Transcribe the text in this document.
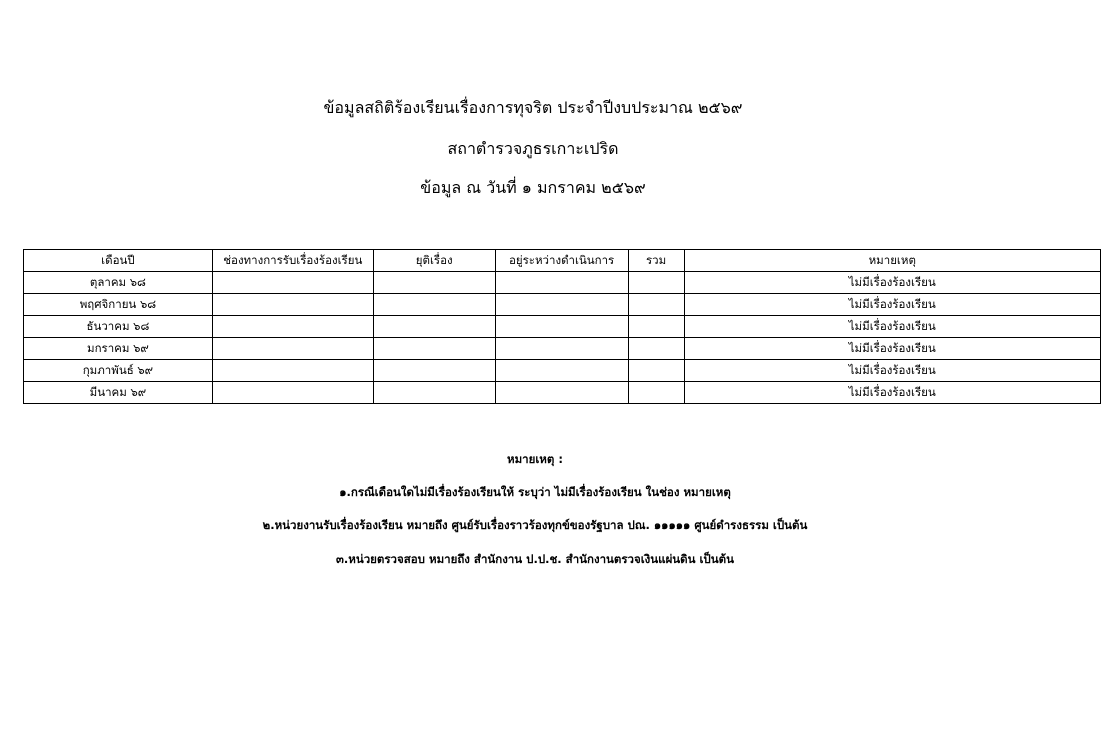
ข้อมูลสถิติร้องเรียนเรื่องการทุจริต ประจำปีงบประมาณ ๒๕๖๙
สถาตำรวจภูธรเกาะเปริด
ข้อมูล ณ วันที่ ๑ มกราคม ๒๕๖๙
เดือนปี	ช่องทางการรับเรื่องร้องเรียน	ยุติเรื่อง	อยู่ระหว่างดำเนินการ	รวม	หมายเหตุ
ตุลาคม ๖๘					ไม่มีเรื่องร้องเรียน
พฤศจิกายน ๖๘					ไม่มีเรื่องร้องเรียน
ธันวาคม ๖๘					ไม่มีเรื่องร้องเรียน
มกราคม ๖๙					ไม่มีเรื่องร้องเรียน
กุมภาพันธ์ ๖๙					ไม่มีเรื่องร้องเรียน
มีนาคม ๖๙					ไม่มีเรื่องร้องเรียน
หมายเหตุ :
๑.กรณีเดือนใดไม่มีเรื่องร้องเรียนให้ ระบุว่า ไม่มีเรื่องร้องเรียน ในช่อง หมายเหตุ
๒.หน่วยงานรับเรื่องร้องเรียน หมายถึง ศูนย์รับเรื่องราวร้องทุกข์ของรัฐบาล ปณ. ๑๑๑๑๑ ศูนย์ดำรงธรรม เป็นต้น
๓.หน่วยตรวจสอบ หมายถึง สำนักงาน ป.ป.ช. สำนักงานตรวจเงินแผ่นดิน เป็นต้น
